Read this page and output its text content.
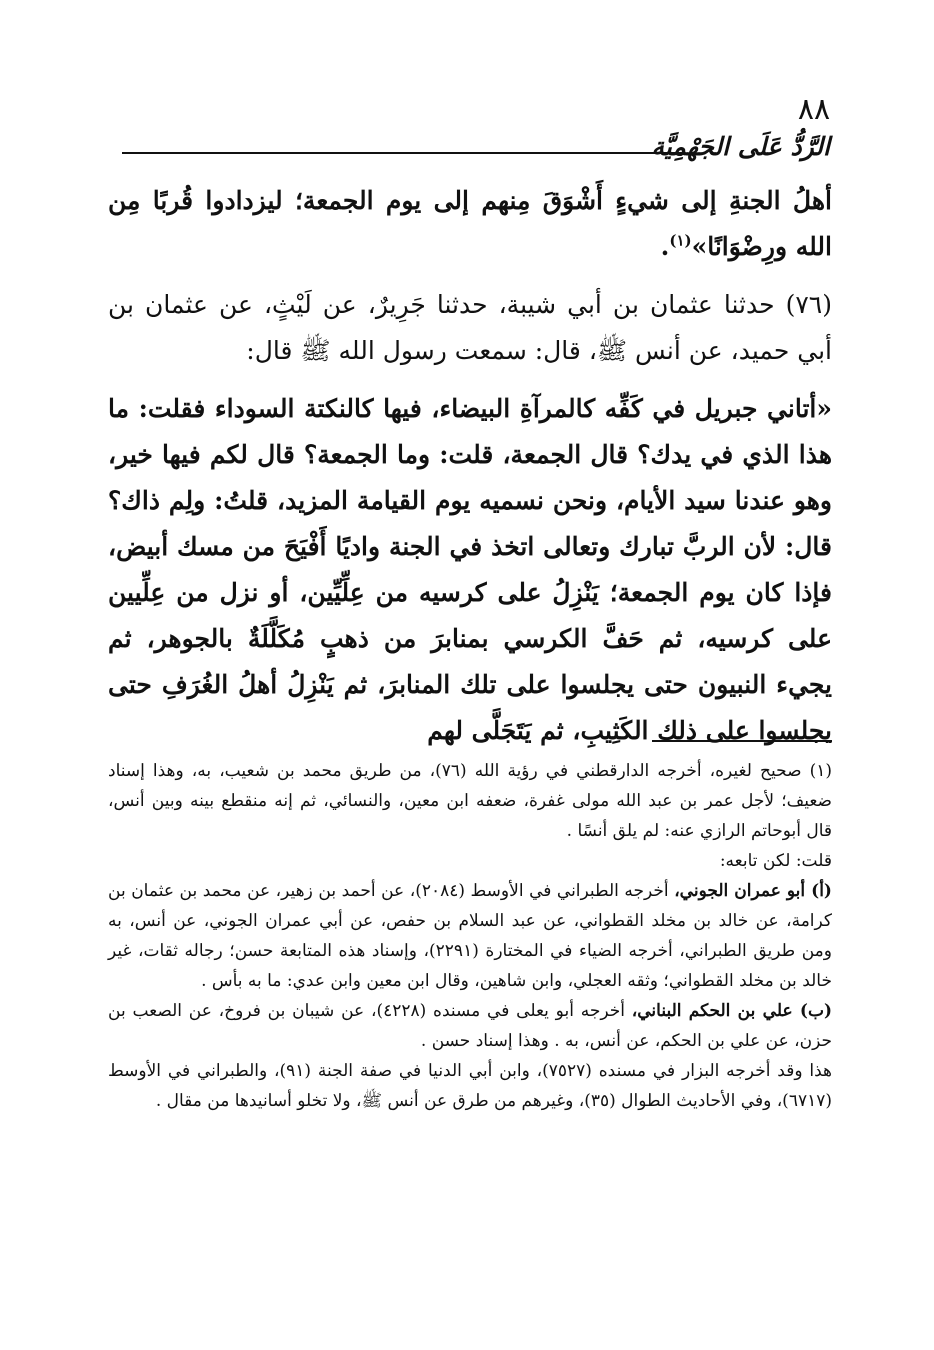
٨٨
الرَّدُّ عَلَى الجَهْمِيَّة

أهلُ الجنةِ إلى شيءٍ أَشْوَقَ مِنهم إلى يوم الجمعة؛ ليزدادوا قُربًا مِن الله ورِضْوَانًا»$^{(١)}$.

(٧٦) حدثنا عثمان بن أبي شيبة، حدثنا جَرِيرٌ، عن لَيْثٍ، عن عثمان بن أبي حميد، عن أنس ﷺ، قال: سمعت رسول الله ﷺ قال:

«أتاني جبريل في كَفِّه كالمرآةِ البيضاء، فيها كالنكتة السوداء فقلت: ما هذا الذي في يدك؟ قال الجمعة، قلت: وما الجمعة؟ قال لكم فيها خير، وهو عندنا سيد الأيام، ونحن نسميه يوم القيامة المزيد، قلتُ: ولِم ذاك؟ قال: لأن الربَّ تبارك وتعالى اتخذ في الجنة واديًا أَفْيَحَ من مسك أبيض، فإذا كان يوم الجمعة؛ يَنْزِلُ على كرسيه من عِلِّيِّين، أو نزل من عِلِّيين على كرسيه، ثم حَفَّ الكرسي بمنابرَ من ذهبٍ مُكَلَّلَةٌ بالجوهر، ثم يجيء النبيون حتى يجلسوا على تلك المنابرَ، ثم يَنْزِلُ أهلُ الغُرَفِ حتى يجلسوا على ذلك الكَثِيبِ، ثم يَتَجَلَّى لهم

(١) صحيح لغيره، أخرجه الدارقطني في رؤية الله (٧٦)، من طريق محمد بن شعيب، به، وهذا إسناد ضعيف؛ لأجل عمر بن عبد الله مولى غفرة، ضعفه ابن معين، والنسائي، ثم إنه منقطع بينه وبين أنس، قال أبوحاتم الرازي عنه: لم يلق أنسًا .

قلت: لكن تابعه:

(أ) أبو عمران الجوني، أخرجه الطبراني في الأوسط (٢٠٨٤)، عن أحمد بن زهير، عن محمد بن عثمان بن كرامة، عن خالد بن مخلد القطواني، عن عبد السلام بن حفص، عن أبي عمران الجوني، عن أنس، به ومن طريق الطبراني، أخرجه الضياء في المختارة (٢٢٩١)، وإسناد هذه المتابعة حسن؛ رجاله ثقات، غير خالد بن مخلد القطواني؛ وثقه العجلي، وابن شاهين، وقال ابن معين وابن عدي: ما به بأس .

(ب) علي بن الحكم البناني، أخرجه أبو يعلى في مسنده (٤٢٢٨)، عن شيبان بن فروخ، عن الصعب بن حزن، عن علي بن الحكم، عن أنس، به . وهذا إسناد حسن .

هذا وقد أخرجه البزار في مسنده (٧٥٢٧)، وابن أبي الدنيا في صفة الجنة (٩١)، والطبراني في الأوسط (٦٧١٧)، وفي الأحاديث الطوال (٣٥)، وغيرهم من طرق عن أنس ﷺ، ولا تخلو أسانيدها من مقال .
